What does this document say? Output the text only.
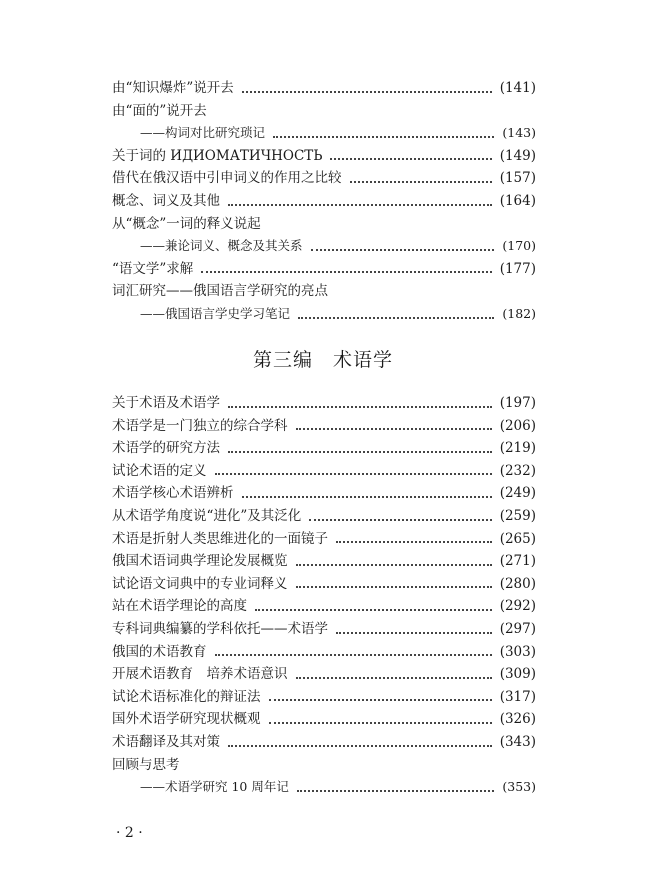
由“知识爆炸”说开去	(141)
由“面的”说开去
——构词对比研究琐记	(143)
关于词的 ИДИОМАТИЧНОСТЬ	(149)
借代在俄汉语中引申词义的作用之比较	(157)
概念、词义及其他	(164)
从“概念”一词的释义说起
——兼论词义、概念及其关系	(170)
“语文学”求解	(177)
词汇研究——俄国语言学研究的亮点
——俄国语言学史学习笔记	(182)
关于术语及术语学	(197)
术语学是一门独立的综合学科	(206)
术语学的研究方法	(219)
试论术语的定义	(232)
术语学核心术语辨析	(249)
从术语学角度说“进化”及其泛化	(259)
术语是折射人类思维进化的一面镜子	(265)
俄国术语词典学理论发展概览	(271)
试论语文词典中的专业词释义	(280)
站在术语学理论的高度	(292)
专科词典编纂的学科依托——术语学	(297)
俄国的术语教育	(303)
开展术语教育　培养术语意识	(309)
试论术语标准化的辩证法	(317)
国外术语学研究现状概观	(326)
术语翻译及其对策	(343)
回顾与思考
——术语学研究 10 周年记	(353)
第三编　术语学
· 2 ·
